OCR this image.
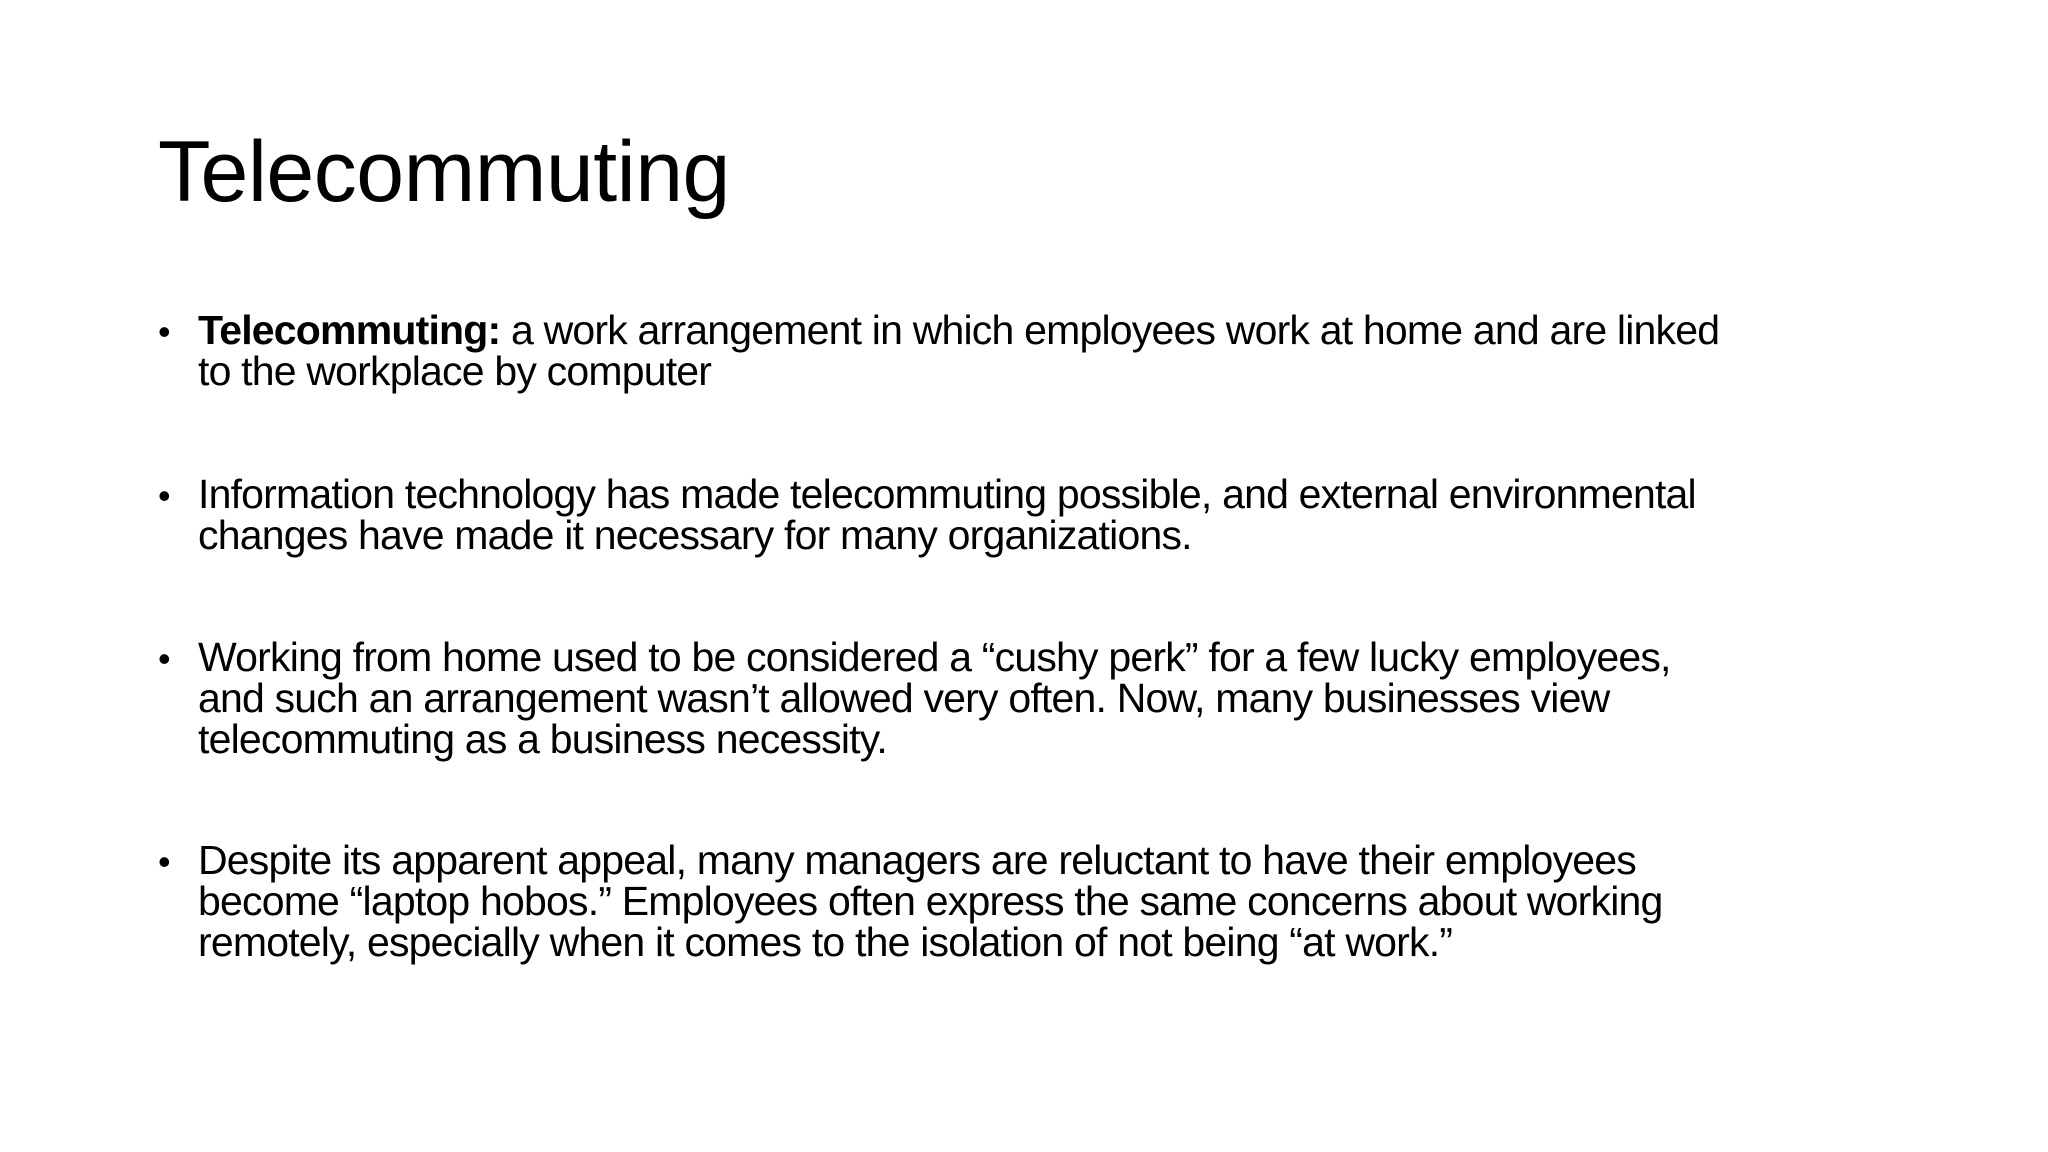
Telecommuting
• Telecommuting: a work arrangement in which employees work at home and are linked
to the workplace by computer
• Information technology has made telecommuting possible, and external environmental
changes have made it necessary for many organizations.
• Working from home used to be considered a “cushy perk” for a few lucky employees,
and such an arrangement wasn’t allowed very often. Now, many businesses view
telecommuting as a business necessity.
• Despite its apparent appeal, many managers are reluctant to have their employees
become “laptop hobos.” Employees often express the same concerns about working
remotely, especially when it comes to the isolation of not being “at work.”
